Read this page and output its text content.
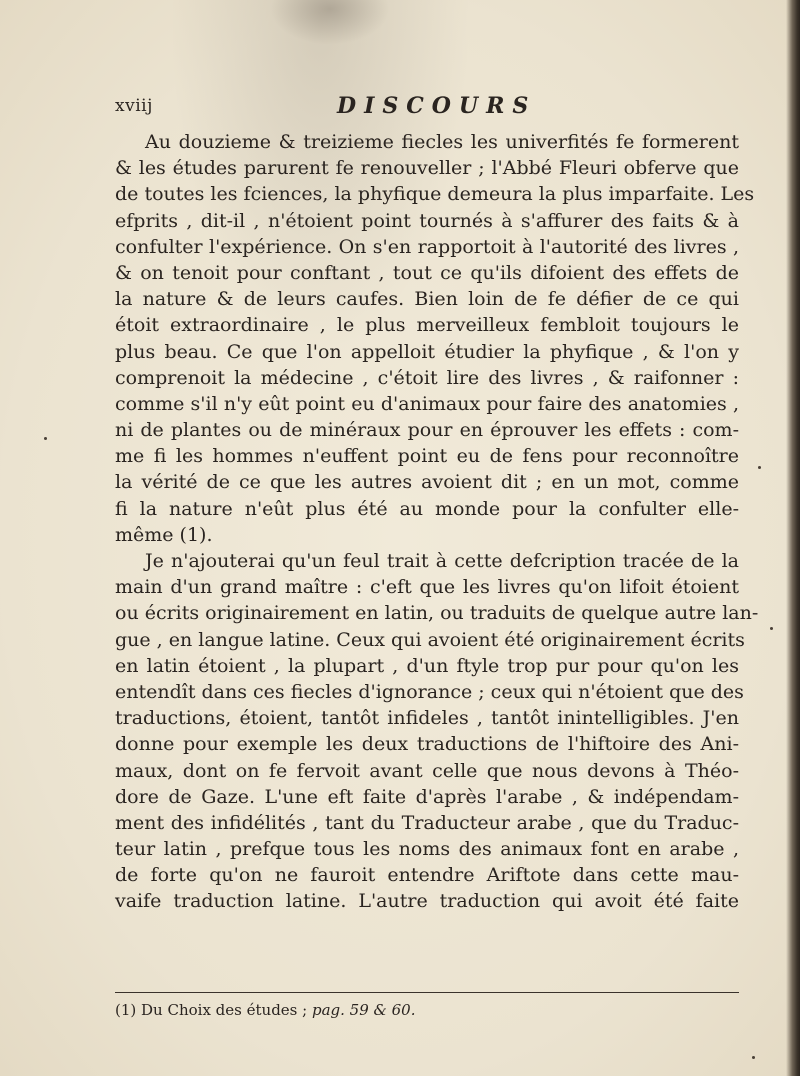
xviij	DISCOURS
Au douzieme & treizieme fiecles les univerfités fe formerent
& les études parurent fe renouveller ; l'Abbé Fleuri obferve que
de toutes les fciences, la phyfique demeura la plus imparfaite. Les
efprits , dit-il , n'étoient point tournés à s'affurer des faits & à
confulter l'expérience. On s'en rapportoit à l'autorité des livres ,
& on tenoit pour conftant , tout ce qu'ils difoient des effets de
la nature & de leurs caufes. Bien loin de fe défier de ce qui
étoit extraordinaire , le plus merveilleux fembloit toujours le
plus beau. Ce que l'on appelloit étudier la phyfique , & l'on y
comprenoit la médecine , c'étoit lire des livres , & raifonner :
comme s'il n'y eût point eu d'animaux pour faire des anatomies ,
ni de plantes ou de minéraux pour en éprouver les effets : com-
me fi les hommes n'euffent point eu de fens pour reconnoître
la vérité de ce que les autres avoient dit ; en un mot, comme
fi la nature n'eût plus été au monde pour la confulter elle-
même (1).
Je n'ajouterai qu'un feul trait à cette defcription tracée de la
main d'un grand maître : c'eft que les livres qu'on lifoit étoient
ou écrits originairement en latin, ou traduits de quelque autre lan-
gue , en langue latine. Ceux qui avoient été originairement écrits
en latin étoient , la plupart , d'un ftyle trop pur pour qu'on les
entendît dans ces fiecles d'ignorance ; ceux qui n'étoient que des
traductions, étoient, tantôt infideles , tantôt inintelligibles. J'en
donne pour exemple les deux traductions de l'hiftoire des Ani-
maux, dont on fe fervoit avant celle que nous devons à Théo-
dore de Gaze. L'une eft faite d'après l'arabe , & indépendam-
ment des infidélités , tant du Traducteur arabe , que du Traduc-
teur latin , prefque tous les noms des animaux font en arabe ,
de forte qu'on ne fauroit entendre Ariftote dans cette mau-
vaife traduction latine. L'autre traduction qui avoit été faite
(1) Du Choix des études ; pag. 59 & 60.
